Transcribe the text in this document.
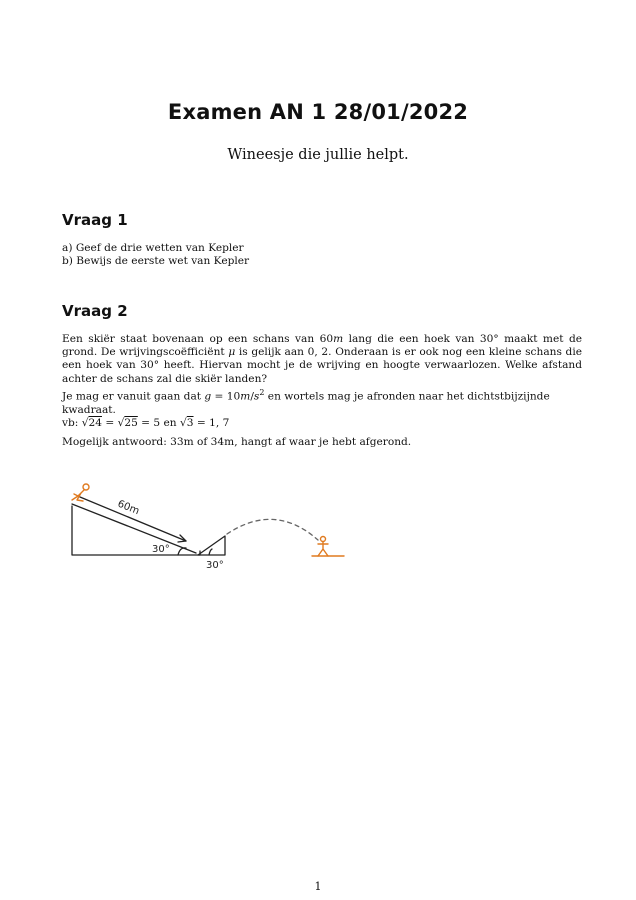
Examen AN 1 28/01/2022
Wineesje die jullie helpt.
Vraag 1
a) Geef de drie wetten van Kepler
b) Bewijs de eerste wet van Kepler
Vraag 2

Een skiër staat bovenaan op een schans van 60m lang die een hoek van 30° maakt met de grond. De wrijvingscoëfficiënt μ is gelijk aan 0, 2. Onderaan is er ook nog een kleine schans die een hoek van 30° heeft. Hiervan mocht je de wrijving en hoogte verwaarlozen. Welke afstand achter de schans zal die skiër landen?

Je mag er vanuit gaan dat $g = 10m/s^2$ en wortels mag je afronden naar het dichtstbijzijnde kwadraat.

vb: √24 = √25 = 5 en √3 = 1, 7

Mogelijk antwoord: 33m of 34m, hangt af waar je hebt afgerond.
60m
30°
30°
1
